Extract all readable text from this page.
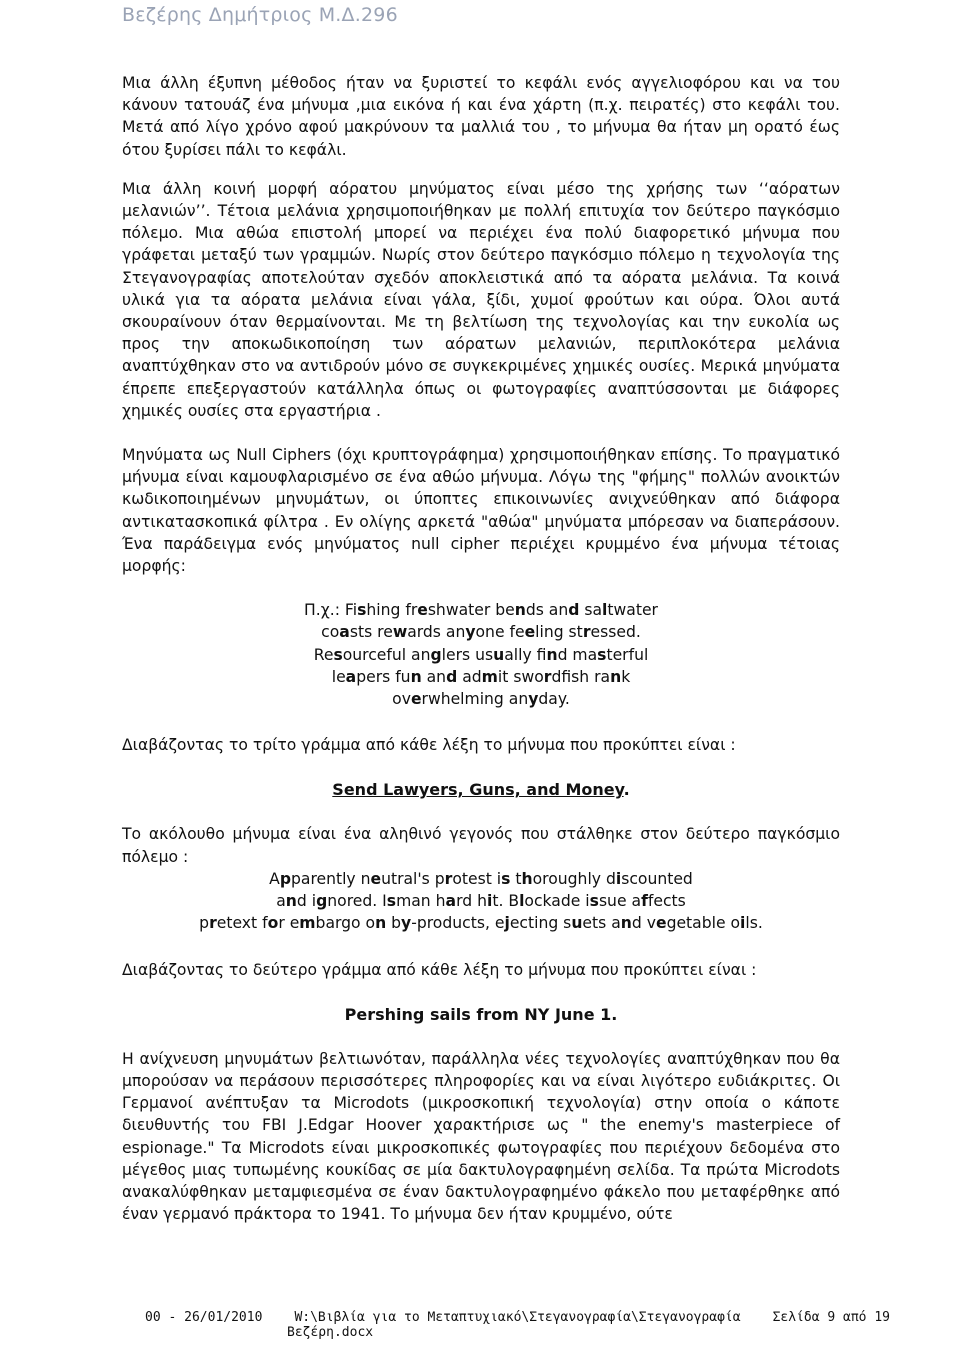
Βεζέρης Δημήτριος Μ.Δ.296

Μια άλλη έξυπνη μέθοδος ήταν να ξυριστεί το κεφάλι ενός αγγελιοφόρου και να του κάνουν τατουάζ ένα μήνυμα ,μια εικόνα ή και ένα χάρτη (π.χ. πειρατές) στο κεφάλι του. Μετά από λίγο χρόνο αφού μακρύνουν τα μαλλιά του , το μήνυμα θα ήταν μη ορατό έως ότου ξυρίσει πάλι το κεφάλι.

Μια άλλη κοινή μορφή αόρατου μηνύματος είναι μέσο της χρήσης των ‘‘αόρατων μελανιών’’. Τέτοια μελάνια χρησιμοποιήθηκαν με πολλή επιτυχία τον δεύτερο παγκόσμιο πόλεμο. Μια αθώα επιστολή μπορεί να περιέχει ένα πολύ διαφορετικό μήνυμα που γράφεται μεταξύ των γραμμών. Νωρίς στον δεύτερο παγκόσμιο πόλεμο η τεχνολογία της Στεγανογραφίας αποτελούταν σχεδόν αποκλειστικά από τα αόρατα μελάνια. Τα κοινά υλικά για τα αόρατα μελάνια είναι γάλα, ξίδι, χυμοί φρούτων και ούρα. Όλοι αυτά σκουραίνουν όταν θερμαίνονται. Με τη βελτίωση της τεχνολογίας και την ευκολία ως προς την αποκωδικοποίηση των αόρατων μελανιών, περιπλοκότερα μελάνια αναπτύχθηκαν στο να αντιδρούν μόνο σε συγκεκριμένες χημικές ουσίες. Μερικά μηνύματα έπρεπε επεξεργαστούν κατάλληλα όπως οι φωτογραφίες αναπτύσσονται με διάφορες χημικές ουσίες στα εργαστήρια .

Μηνύματα ως Null Ciphers (όχι κρυπτογράφημα) χρησιμοποιήθηκαν επίσης. Το πραγματικό μήνυμα είναι καμουφλαρισμένο σε ένα αθώο μήνυμα. Λόγω της "φήμης" πολλών ανοικτών κωδικοποιημένων μηνυμάτων, οι ύποπτες επικοινωνίες ανιχνεύθηκαν από διάφορα αντικατασκοπικά φίλτρα . Εν ολίγης αρκετά "αθώα" μηνύματα μπόρεσαν να διαπεράσουν. Ένα παράδειγμα ενός μηνύματος null cipher περιέχει κρυμμένο ένα μήνυμα τέτοιας μορφής:

Π.χ.: Fishing freshwater bends and saltwater
coasts rewards anyone feeling stressed.
Resourceful anglers usually find masterful
leapers fun and admit swordfish rank
overwhelming anyday.

Διαβάζοντας το τρίτο γράμμα από κάθε λέξη το μήνυμα που προκύπτει είναι :

Send Lawyers, Guns, and Money.

Το ακόλουθο μήνυμα είναι ένα αληθινό γεγονός που στάλθηκε στον δεύτερο παγκόσμιο πόλεμο :

Apparently neutral's protest is thoroughly discounted
and ignored. Isman hard hit. Blockade issue affects
pretext for embargo on by-products, ejecting suets and vegetable oils.

Διαβάζοντας το δεύτερο γράμμα από κάθε λέξη το μήνυμα που προκύπτει είναι :

Pershing sails from NY June 1.

Η ανίχνευση μηνυμάτων βελτιωνόταν, παράλληλα νέες τεχνολογίες αναπτύχθηκαν που θα μπορούσαν να περάσουν περισσότερες πληροφορίες και να είναι λιγότερο ευδιάκριτες. Οι Γερμανοί ανέπτυξαν τα Microdots (μικροσκοπική τεχνολογία) στην οποία ο κάποτε διευθυντής του FBI J.Edgar Hoover χαρακτήρισε ως " the enemy's masterpiece of espionage." Τα Microdots είναι μικροσκοπικές φωτογραφίες που περιέχουν δεδομένα στο μέγεθος μιας τυπωμένης κουκίδας σε μία δακτυλογραφημένη σελίδα. Τα πρώτα Microdots ανακαλύφθηκαν μεταμφιεσμένα σε έναν δακτυλογραφημένο φάκελο που μεταφέρθηκε από έναν γερμανό πράκτορα το 1941. Το μήνυμα δεν ήταν κρυμμένο, ούτε

00 - 26/01/2010 W:\Βιβλία για το Μεταπτυχιακό\Στεγανογραφία\Στεγανογραφία Σελίδα 9 από 19
Βεζέρη.docx
